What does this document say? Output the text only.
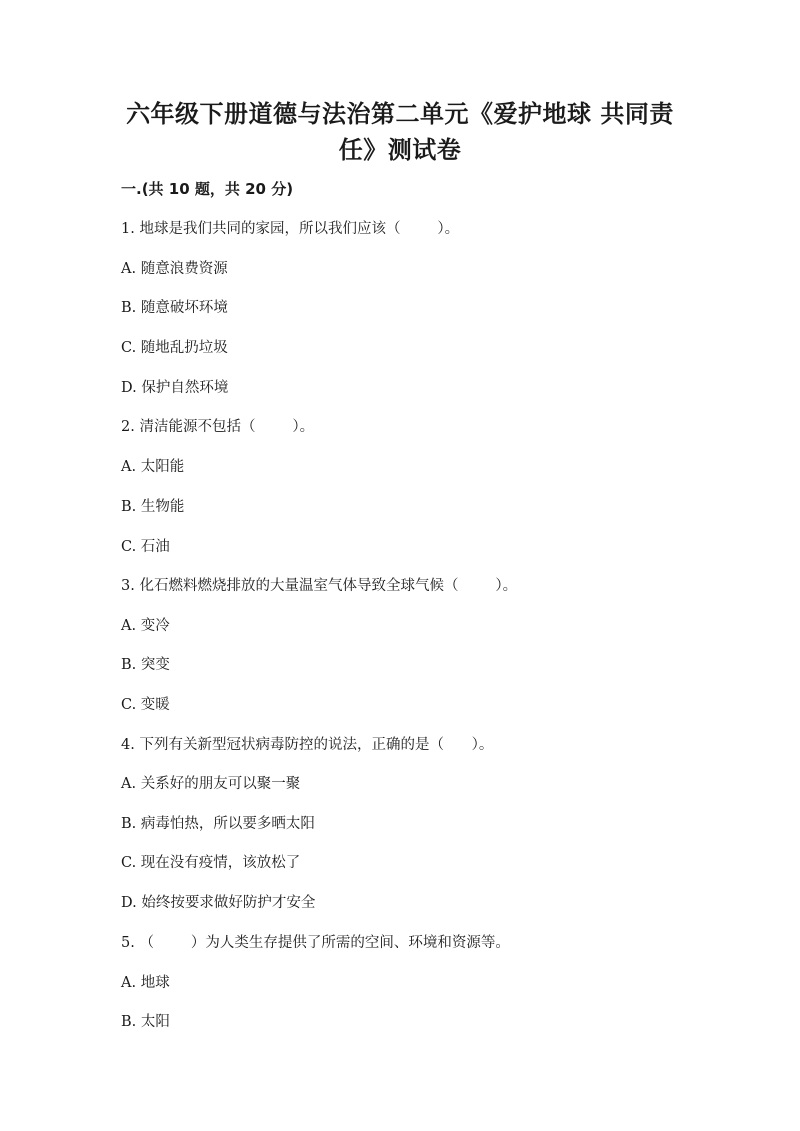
六年级下册道德与法治第二单元《爱护地球 共同责
任》测试卷
一.(共 10 题，共 20 分)
1. 地球是我们共同的家园，所以我们应该（        ）。
A. 随意浪费资源
B. 随意破坏环境
C. 随地乱扔垃圾
D. 保护自然环境
2. 清洁能源不包括（        ）。
A. 太阳能
B. 生物能
C. 石油
3. 化石燃料燃烧排放的大量温室气体导致全球气候（        ）。
A. 变冷
B. 突变
C. 变暖
4. 下列有关新型冠状病毒防控的说法，正确的是（      ）。
A. 关系好的朋友可以聚一聚
B. 病毒怕热，所以要多晒太阳
C. 现在没有疫情，该放松了
D. 始终按要求做好防护才安全
5. （        ）为人类生存提供了所需的空间、环境和资源等。
A. 地球
B. 太阳
